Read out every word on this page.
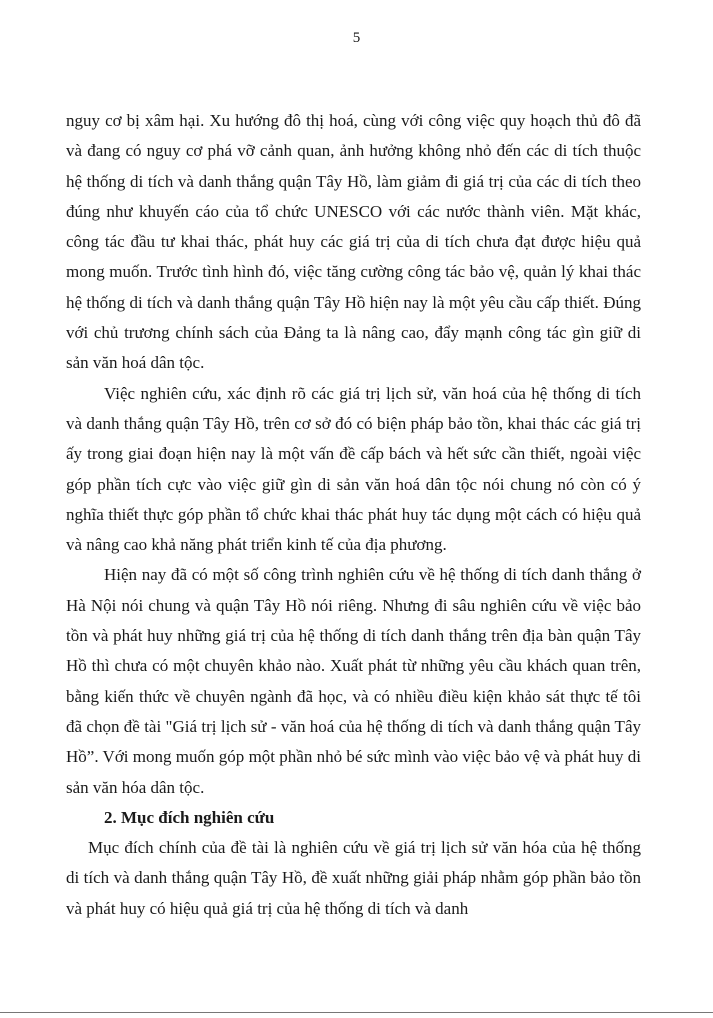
5

nguy cơ bị xâm hại. Xu hướng đô thị hoá, cùng với công việc quy hoạch thủ đô đã và đang có nguy cơ phá vỡ cảnh quan, ảnh hưởng không nhỏ đến các di tích thuộc hệ thống di tích và danh thắng quận Tây Hồ, làm giảm đi giá trị của các di tích theo đúng như khuyến cáo của tổ chức UNESCO với các nước thành viên. Mặt khác, công tác đầu tư khai thác, phát huy các giá trị của di tích chưa đạt được hiệu quả mong muốn. Trước tình hình đó, việc tăng cường công tác bảo vệ, quản lý khai thác hệ thống di tích và danh thắng quận Tây Hồ hiện nay là một yêu cầu cấp thiết. Đúng với chủ trương chính sách của Đảng ta là nâng cao, đẩy mạnh công tác gìn giữ di sản văn hoá dân tộc.

Việc nghiên cứu, xác định rõ các giá trị lịch sử, văn hoá của hệ thống di tích và danh thắng quận Tây Hồ, trên cơ sở đó có biện pháp bảo tồn, khai thác các giá trị ấy trong giai đoạn hiện nay là một vấn đề cấp bách và hết sức cần thiết, ngoài việc góp phần tích cực vào việc giữ gìn di sản văn hoá dân tộc nói chung nó còn có ý nghĩa thiết thực góp phần tổ chức khai thác phát huy tác dụng một cách có hiệu quả và nâng cao khả năng phát triển kinh tế của địa phương.

Hiện nay đã có một số công trình nghiên cứu về hệ thống di tích danh thắng ở Hà Nội nói chung và quận Tây Hồ nói riêng. Nhưng đi sâu nghiên cứu về việc bảo tồn và phát huy những giá trị của hệ thống di tích danh thắng trên địa bàn quận Tây Hồ thì chưa có một chuyên khảo nào. Xuất phát từ những yêu cầu khách quan trên, bằng kiến thức về chuyên ngành đã học, và có nhiều điều kiện khảo sát thực tế tôi đã chọn đề tài "Giá trị lịch sử - văn hoá của hệ thống di tích và danh thắng quận Tây Hồ”. Với mong muốn góp một phần nhỏ bé sức mình vào việc bảo vệ và phát huy di sản văn hóa dân tộc.

2. Mục đích nghiên cứu

Mục đích chính của đề tài là nghiên cứu về giá trị lịch sử văn hóa của hệ thống di tích và danh thắng quận Tây Hồ, đề xuất những giải pháp nhằm góp phần bảo tồn và phát huy có hiệu quả giá trị của hệ thống di tích và danh
